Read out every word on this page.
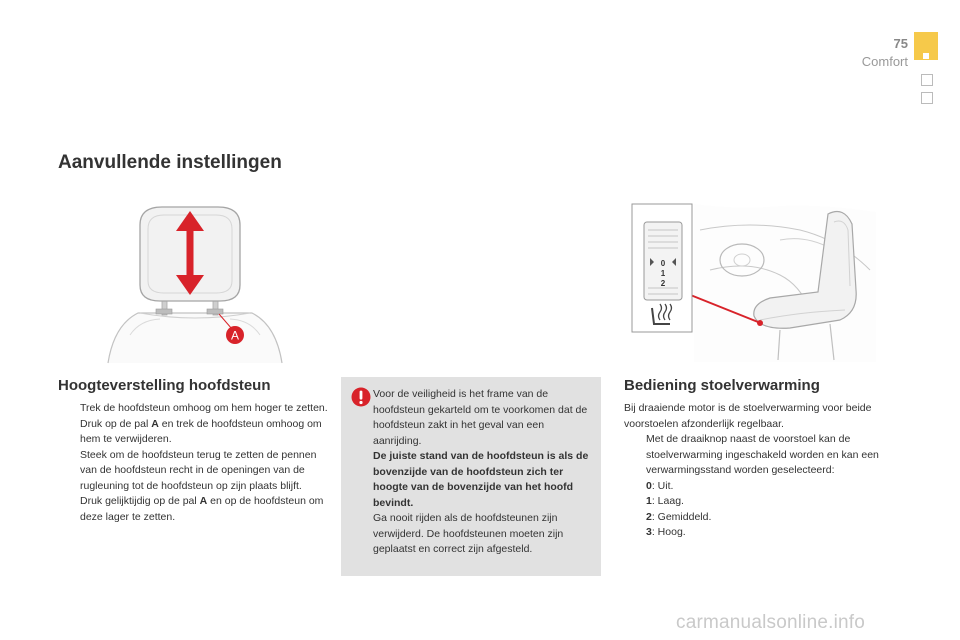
75
Comfort
Aanvullende instellingen
A
0
1
2
Hoogteverstelling hoofdsteun
Trek de hoofdsteun omhoog om hem hoger te zetten.
Druk op de pal A en trek de hoofdsteun omhoog om hem te verwijderen.
Steek om de hoofdsteun terug te zetten de pennen van de hoofdsteun recht in de openingen van de rugleuning tot de hoofdsteun op zijn plaats blijft.
Druk gelijktijdig op de pal A en op de hoofdsteun om deze lager te zetten.
Voor de veiligheid is het frame van de hoofdsteun gekarteld om te voorkomen dat de hoofdsteun zakt in het geval van een aanrijding.
De juiste stand van de hoofdsteun is als de bovenzijde van de hoofdsteun zich ter hoogte van de bovenzijde van het hoofd bevindt.
Ga nooit rijden als de hoofdsteunen zijn verwijderd. De hoofdsteunen moeten zijn geplaatst en correct zijn afgesteld.
Bediening stoelverwarming
Bij draaiende motor is de stoelverwarming voor beide voorstoelen afzonderlijk regelbaar.
Met de draaiknop naast de voorstoel kan de stoelverwarming ingeschakeld worden en kan een verwarmingsstand worden geselecteerd:
0: Uit.
1: Laag.
2: Gemiddeld.
3: Hoog.
carmanualsonline.info
